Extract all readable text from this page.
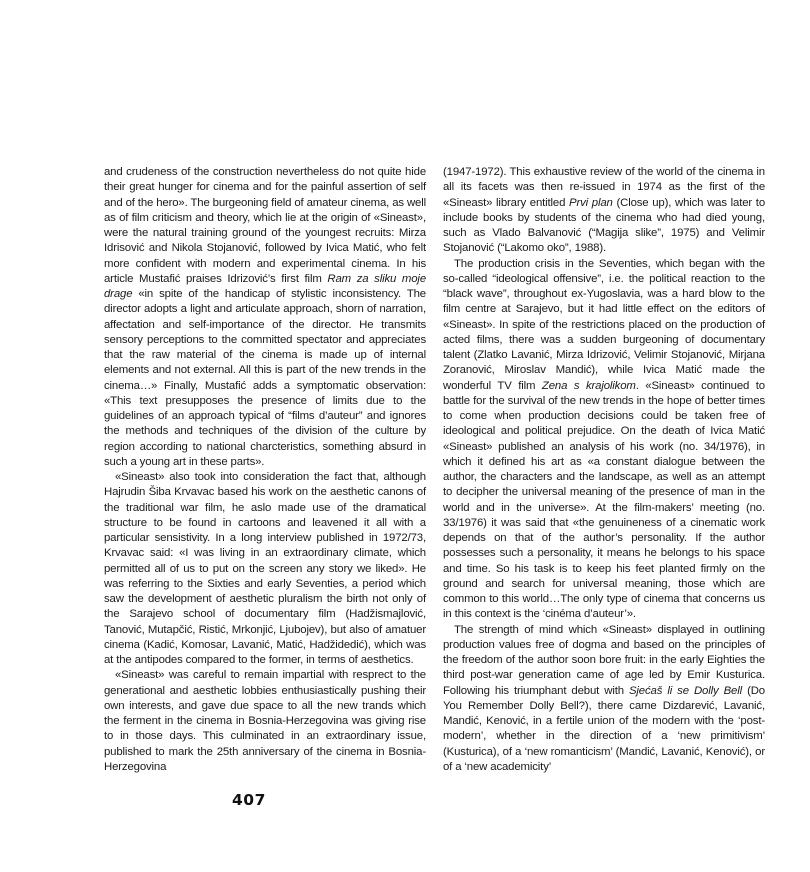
and crudeness of the construction nevertheless do not quite hide their great hunger for cinema and for the painful assertion of self and of the hero». The burgeoning field of amateur cinema, as well as of film criticism and theory, which lie at the origin of «Sineast», were the natural training ground of the youngest recruits: Mirza Idrisović and Nikola Stojanović, followed by Ivica Matić, who felt more confident with modern and experimental cinema. In his article Mustafić praises Idrizović’s first film Ram za sliku moje drage «in spite of the handicap of stylistic inconsistency. The director adopts a light and articulate approach, shorn of narration, affectation and self-importance of the director. He transmits sensory perceptions to the committed spectator and appreciates that the raw material of the cinema is made up of internal elements and not external. All this is part of the new trends in the cinema…» Finally, Mustafić adds a symptomatic observation: «This text presupposes the presence of limits due to the guidelines of an approach typical of “films d’auteur” and ignores the methods and techniques of the division of the culture by region according to national charcteristics, something absurd in such a young art in these parts».

«Sineast» also took into consideration the fact that, although Hajrudin Šiba Krvavac based his work on the aesthetic canons of the traditional war film, he aslo made use of the dramatical structure to be found in cartoons and leavened it all with a particular sensistivity. In a long interview published in 1972/73, Krvavac said: «I was living in an extraordinary climate, which permitted all of us to put on the screen any story we liked». He was referring to the Sixties and early Seventies, a period which saw the development of aesthetic pluralism the birth not only of the Sarajevo school of documentary film (Hadžismajlović, Tanović, Mutapčić, Ristić, Mrkonjić, Ljubojev), but also of amatuer cinema (Kadić, Komosar, Lavanić, Matić, Hadžidedić), which was at the antipodes compared to the former, in terms of aesthetics.

«Sineast» was careful to remain impartial with resprect to the generational and aesthetic lobbies enthusiastically pushing their own interests, and gave due space to all the new trands which the ferment in the cinema in Bosnia-Herzegovina was giving rise to in those days. This culminated in an extraordinary issue, published to mark the 25th anniversary of the cinema in Bosnia-Herzegovina

(1947-1972). This exhaustive review of the world of the cinema in all its facets was then re-issued in 1974 as the first of the «Sineast» library entitled Prvi plan (Close up), which was later to include books by students of the cinema who had died young, such as Vlado Balvanović (“Magija slike”, 1975) and Velimir Stojanović (“Lakomo oko”, 1988).

The production crisis in the Seventies, which began with the so-called “ideological offensive”, i.e. the political reaction to the “black wave”, throughout ex-Yugoslavia, was a hard blow to the film centre at Sarajevo, but it had little effect on the editors of «Sineast». In spite of the restrictions placed on the production of acted films, there was a sudden burgeoning of documentary talent (Zlatko Lavanić, Mirza Idrizović, Velimir Stojanović, Mirjana Zoranović, Miroslav Mandić), while Ivica Matić made the wonderful TV film Zena s krajolikom. «Sineast» continued to battle for the survival of the new trends in the hope of better times to come when production decisions could be taken free of ideological and political prejudice. On the death of Ivica Matić «Sineast» published an analysis of his work (no. 34/1976), in which it defined his art as «a constant dialogue between the author, the characters and the landscape, as well as an attempt to decipher the universal meaning of the presence of man in the world and in the universe». At the film-makers’ meeting (no. 33/1976) it was said that «the genuineness of a cinematic work depends on that of the author’s personality. If the author possesses such a personality, it means he belongs to his space and time. So his task is to keep his feet planted firmly on the ground and search for universal meaning, those which are common to this world…The only type of cinema that concerns us in this context is the ‘cinéma d’auteur’».

The strength of mind which «Sineast» displayed in outlining production values free of dogma and based on the principles of the freedom of the author soon bore fruit: in the early Eighties the third post-war generation came of age led by Emir Kusturica. Following his triumphant debut with Sjećaš li se Dolly Bell (Do You Remember Dolly Bell?), there came Dizdarević, Lavanić, Mandić, Kenović, in a fertile union of the modern with the ‘post-modern’, whether in the direction of a ‘new primitivism’ (Kusturica), of a ‘new romanticism’ (Mandić, Lavanić, Kenović), or of a ‘new academicity’

407
